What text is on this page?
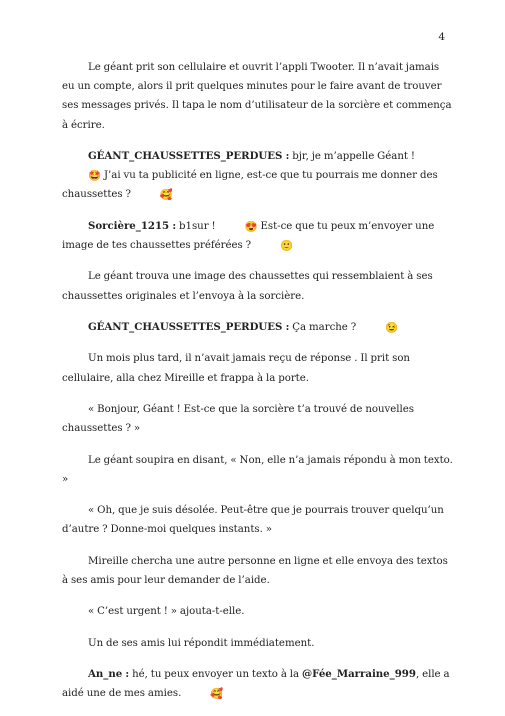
4

Le géant prit son cellulaire et ouvrit l’appli Twooter. Il n’avait jamais eu un compte, alors il prit quelques minutes pour le faire avant de trouver ses messages privés. Il tapa le nom d’utilisateur de la sorcière et commença à écrire.

GÉANT_CHAUSSETTES_PERDUES : bjr, je m’appelle Géant ! 🤩 J’ai vu ta publicité en ligne, est-ce que tu pourrais me donner des chaussettes ? 🥰

Sorcière_1215 : b1sur ! 😍 Est-ce que tu peux m’envoyer une image de tes chaussettes préférées ? 🙂

Le géant trouva une image des chaussettes qui ressemblaient à ses chaussettes originales et l’envoya à la sorcière.

GÉANT_CHAUSSETTES_PERDUES : Ça marche ? 😉

Un mois plus tard, il n’avait jamais reçu de réponse . Il prit son cellulaire, alla chez Mireille et frappa à la porte.

« Bonjour, Géant ! Est-ce que la sorcière t’a trouvé de nouvelles chaussettes ? »

Le géant soupira en disant, « Non, elle n’a jamais répondu à mon texto. »

« Oh, que je suis désolée. Peut-être que je pourrais trouver quelqu’un d’autre ? Donne-moi quelques instants. »

Mireille chercha une autre personne en ligne et elle envoya des textos à ses amis pour leur demander de l’aide.

« C’est urgent ! » ajouta-t-elle.

Un de ses amis lui répondit immédiatement.

An_ne : hé, tu peux envoyer un texto à la @Fée_Marraine_999, elle a aidé une de mes amies. 🥰
